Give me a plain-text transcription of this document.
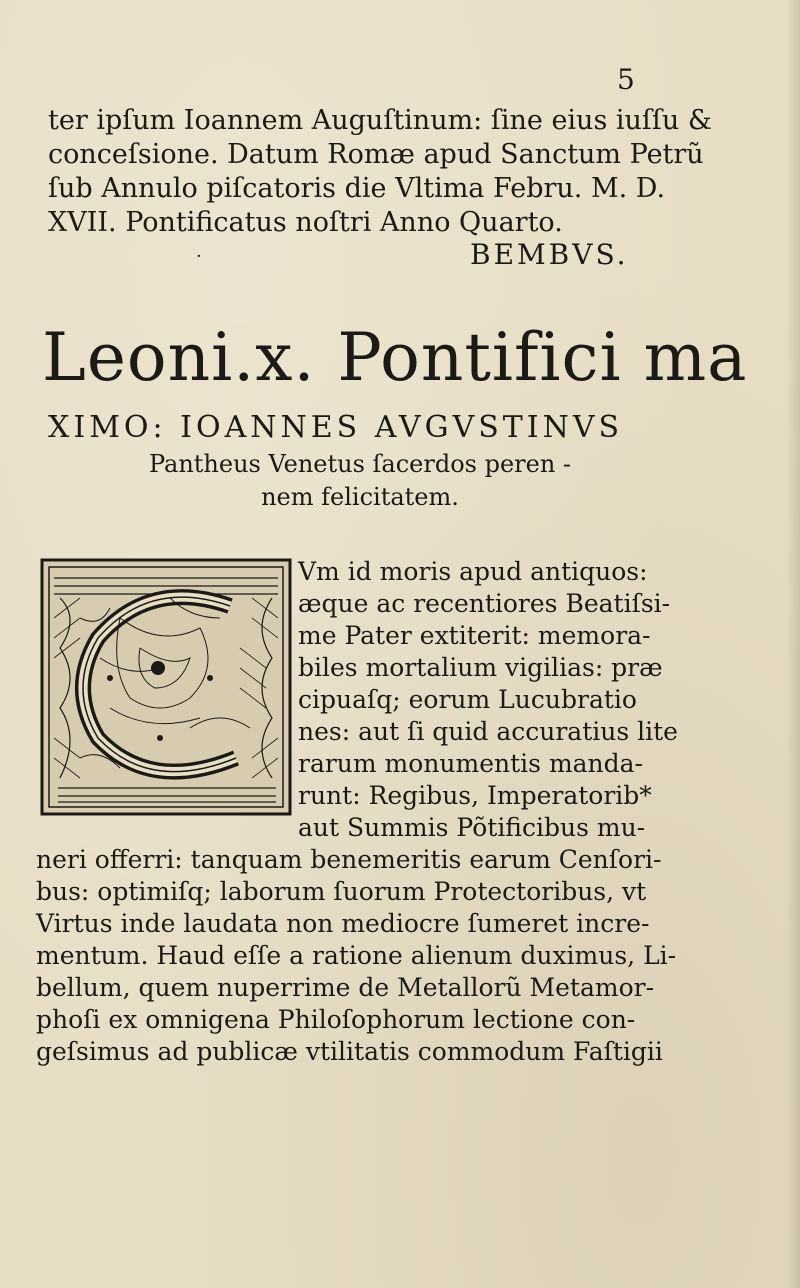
5
ter ipſum Ioannem Auguſtinum: ſine eius iuſſu &
conceſsione. Datum Romæ apud Sanctum Petrũ
ſub Annulo piſcatoris die Vltima Febru. M. D.
XVII. Pontificatus noſtri Anno Quarto.
·	BEMBVS.
Leoni.x. Pontifici ma
XIMO: IOANNES AVGVSTINVS
Pantheus Venetus ſacerdos peren -
nem felicitatem.
Vm id moris apud antiquos:
æque ac recentiores Beatiſsi-
me Pater extiterit: memora-
biles mortalium vigilias: præ
cipuaſq; eorum Lucubratio
nes: aut ſi quid accuratius lite
rarum monumentis manda-
runt: Regibus, Imperatorib*
aut Summis Põtificibus mu-
neri offerri: tanquam benemeritis earum Cenſori-
bus: optimiſq; laborum ſuorum Protectoribus, vt
Virtus inde laudata non mediocre ſumeret incre-
mentum. Haud eſſe a ratione alienum duximus, Li-
bellum, quem nuperrime de Metallorũ Metamor-
phoſi ex omnigena Philoſophorum lectione con-
geſsimus ad publicæ vtilitatis commodum Faſtigii
